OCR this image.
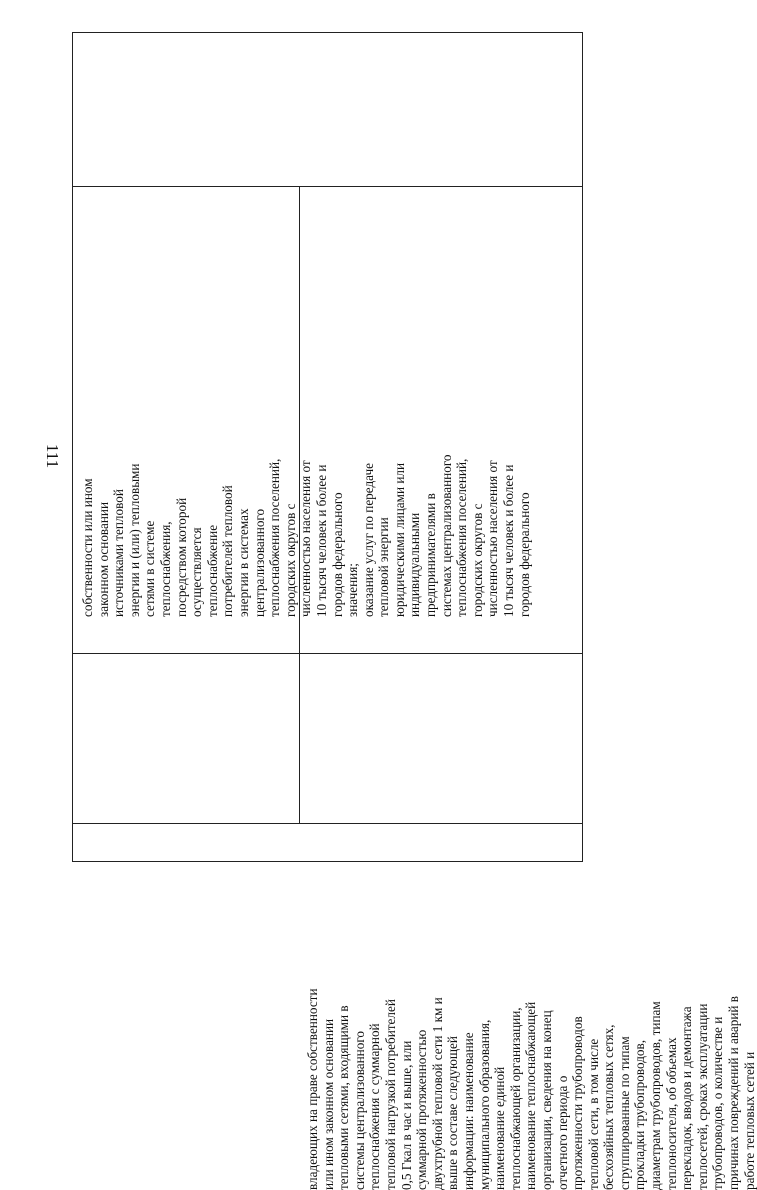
111
собственности или ином законном основании источниками тепловой энергии и (или) тепловыми сетями в системе теплоснабжения, посредством которой осуществляется теплоснабжение потребителей тепловой энергии в системах централизованного теплоснабжения поселений, городских округов с численностью населения от 10 тысяч человек и более и городов федерального значения; оказание услуг по передаче тепловой энергии юридическими лицами или индивидуальными предпринимателями в системах централизованного теплоснабжения поселений, городских округов с численностью населения от 10 тысяч человек и более и городов федерального
владеющих на праве собственности или ином законном основании тепловыми сетями, входящими в системы централизованного теплоснабжения с суммарной тепловой нагрузкой потребителей 0,5 Гкал в час и выше, или суммарной протяженностью двухтрубной тепловой сети 1 км и выше в составе следующей информации: наименование муниципального образования, наименование единой теплоснабжающей организации, наименование теплоснабжающей организации, сведения на конец отчетного периода о протяженности трубопроводов тепловой сети, в том числе бесхозяйных тепловых сетях, сгруппированные по типам прокладки трубопроводов, диаметрам трубопроводов, типам теплоносителя, об объемах перекладок, вводов и демонтажа теплосетей, сроках эксплуатации трубопроводов, о количестве и причинах повреждений и аварий в работе тепловых сетей и
